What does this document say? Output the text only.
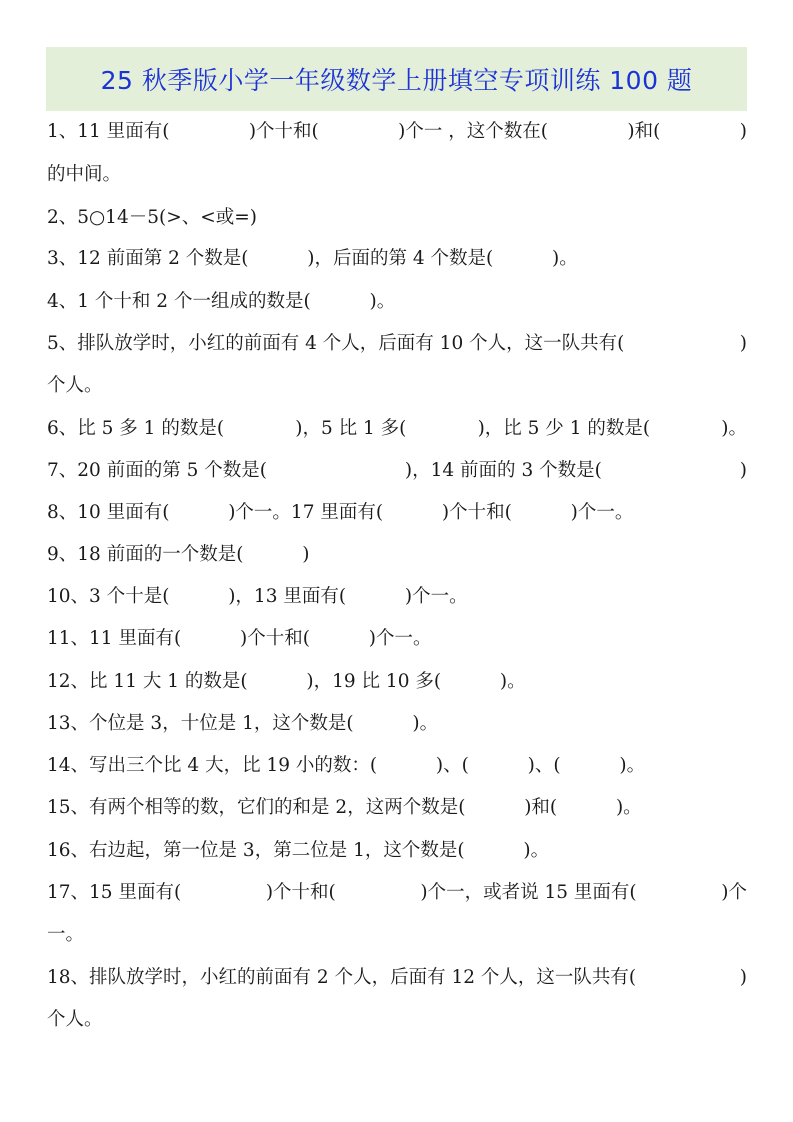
25 秋季版小学一年级数学上册填空专项训练 100 题
1、11 里面有(	)个十和(	)个一 ，这个数在(	)和(	)
的中间。
2、5○14－5(>、<或=)
3、12 前面第 2 个数是(          )，后面的第 4 个数是(          )。
4、1 个十和 2 个一组成的数是(          )。
5、排队放学时，小红的前面有 4 个人，后面有 10 个人，这一队共有(	)
个人。
6、比 5 多 1 的数是(	)，5 比 1 多(	)，比 5 少 1 的数是(	)。
7、20 前面的第 5 个数是(	)，14 前面的 3 个数是(	)
8、10 里面有(          )个一。17 里面有(          )个十和(          )个一。
9、18 前面的一个数是(          )
10、3 个十是(          )，13 里面有(          )个一。
11、11 里面有(          )个十和(          )个一。
12、比 11 大 1 的数是(          )，19 比 10 多(          )。
13、个位是 3，十位是 1，这个数是(          )。
14、写出三个比 4 大，比 19 小的数：(          )、(          )、(          )。
15、有两个相等的数，它们的和是 2，这两个数是(          )和(          )。
16、右边起，第一位是 3，第二位是 1，这个数是(          )。
17、15 里面有(	)个十和(	)个一，或者说 15 里面有(	)个
一。
18、排队放学时，小红的前面有 2 个人，后面有 12 个人，这一队共有(	)
个人。
